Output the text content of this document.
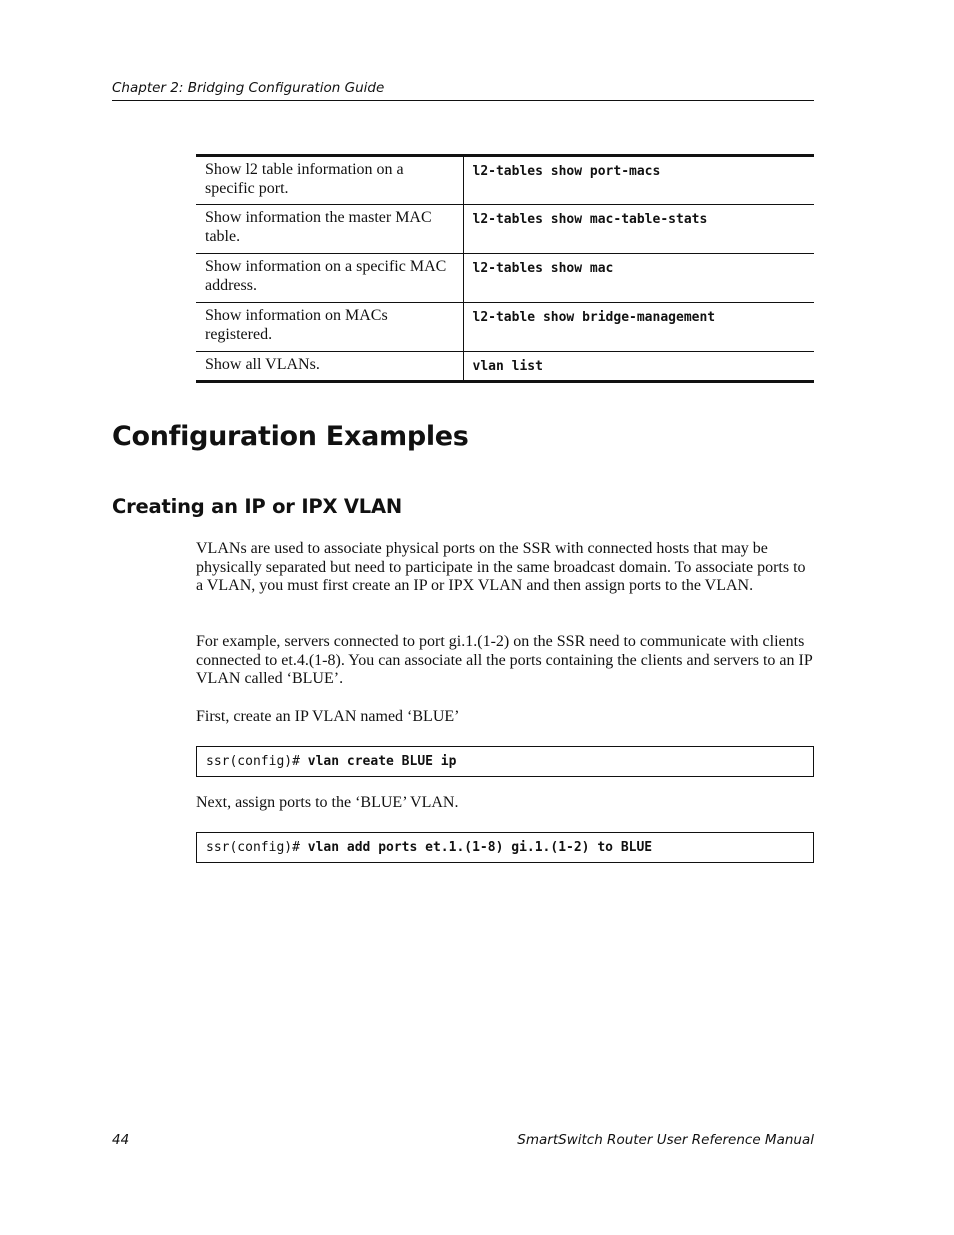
Chapter 2: Bridging Configuration Guide
Show l2 table information on a specific port.	l2-tables show port-macs
Show information the master MAC table.	l2-tables show mac-table-stats
Show information on a specific MAC address.	l2-tables show mac
Show information on MACs registered.	l2-table show bridge-management
Show all VLANs.	vlan list
Configuration Examples
Creating an IP or IPX VLAN

VLANs are used to associate physical ports on the SSR with connected hosts that may be physically separated but need to participate in the same broadcast domain. To associate ports to a VLAN, you must first create an IP or IPX VLAN and then assign ports to the VLAN.

For example, servers connected to port gi.1.(1-2) on the SSR need to communicate with clients connected to et.4.(1-8). You can associate all the ports containing the clients and servers to an IP VLAN called ‘BLUE’.

First, create an IP VLAN named ‘BLUE’

ssr(config)# vlan create BLUE ip

Next, assign ports to the ‘BLUE’ VLAN.

ssr(config)# vlan add ports et.1.(1-8) gi.1.(1-2) to BLUE
44	SmartSwitch Router User Reference Manual
